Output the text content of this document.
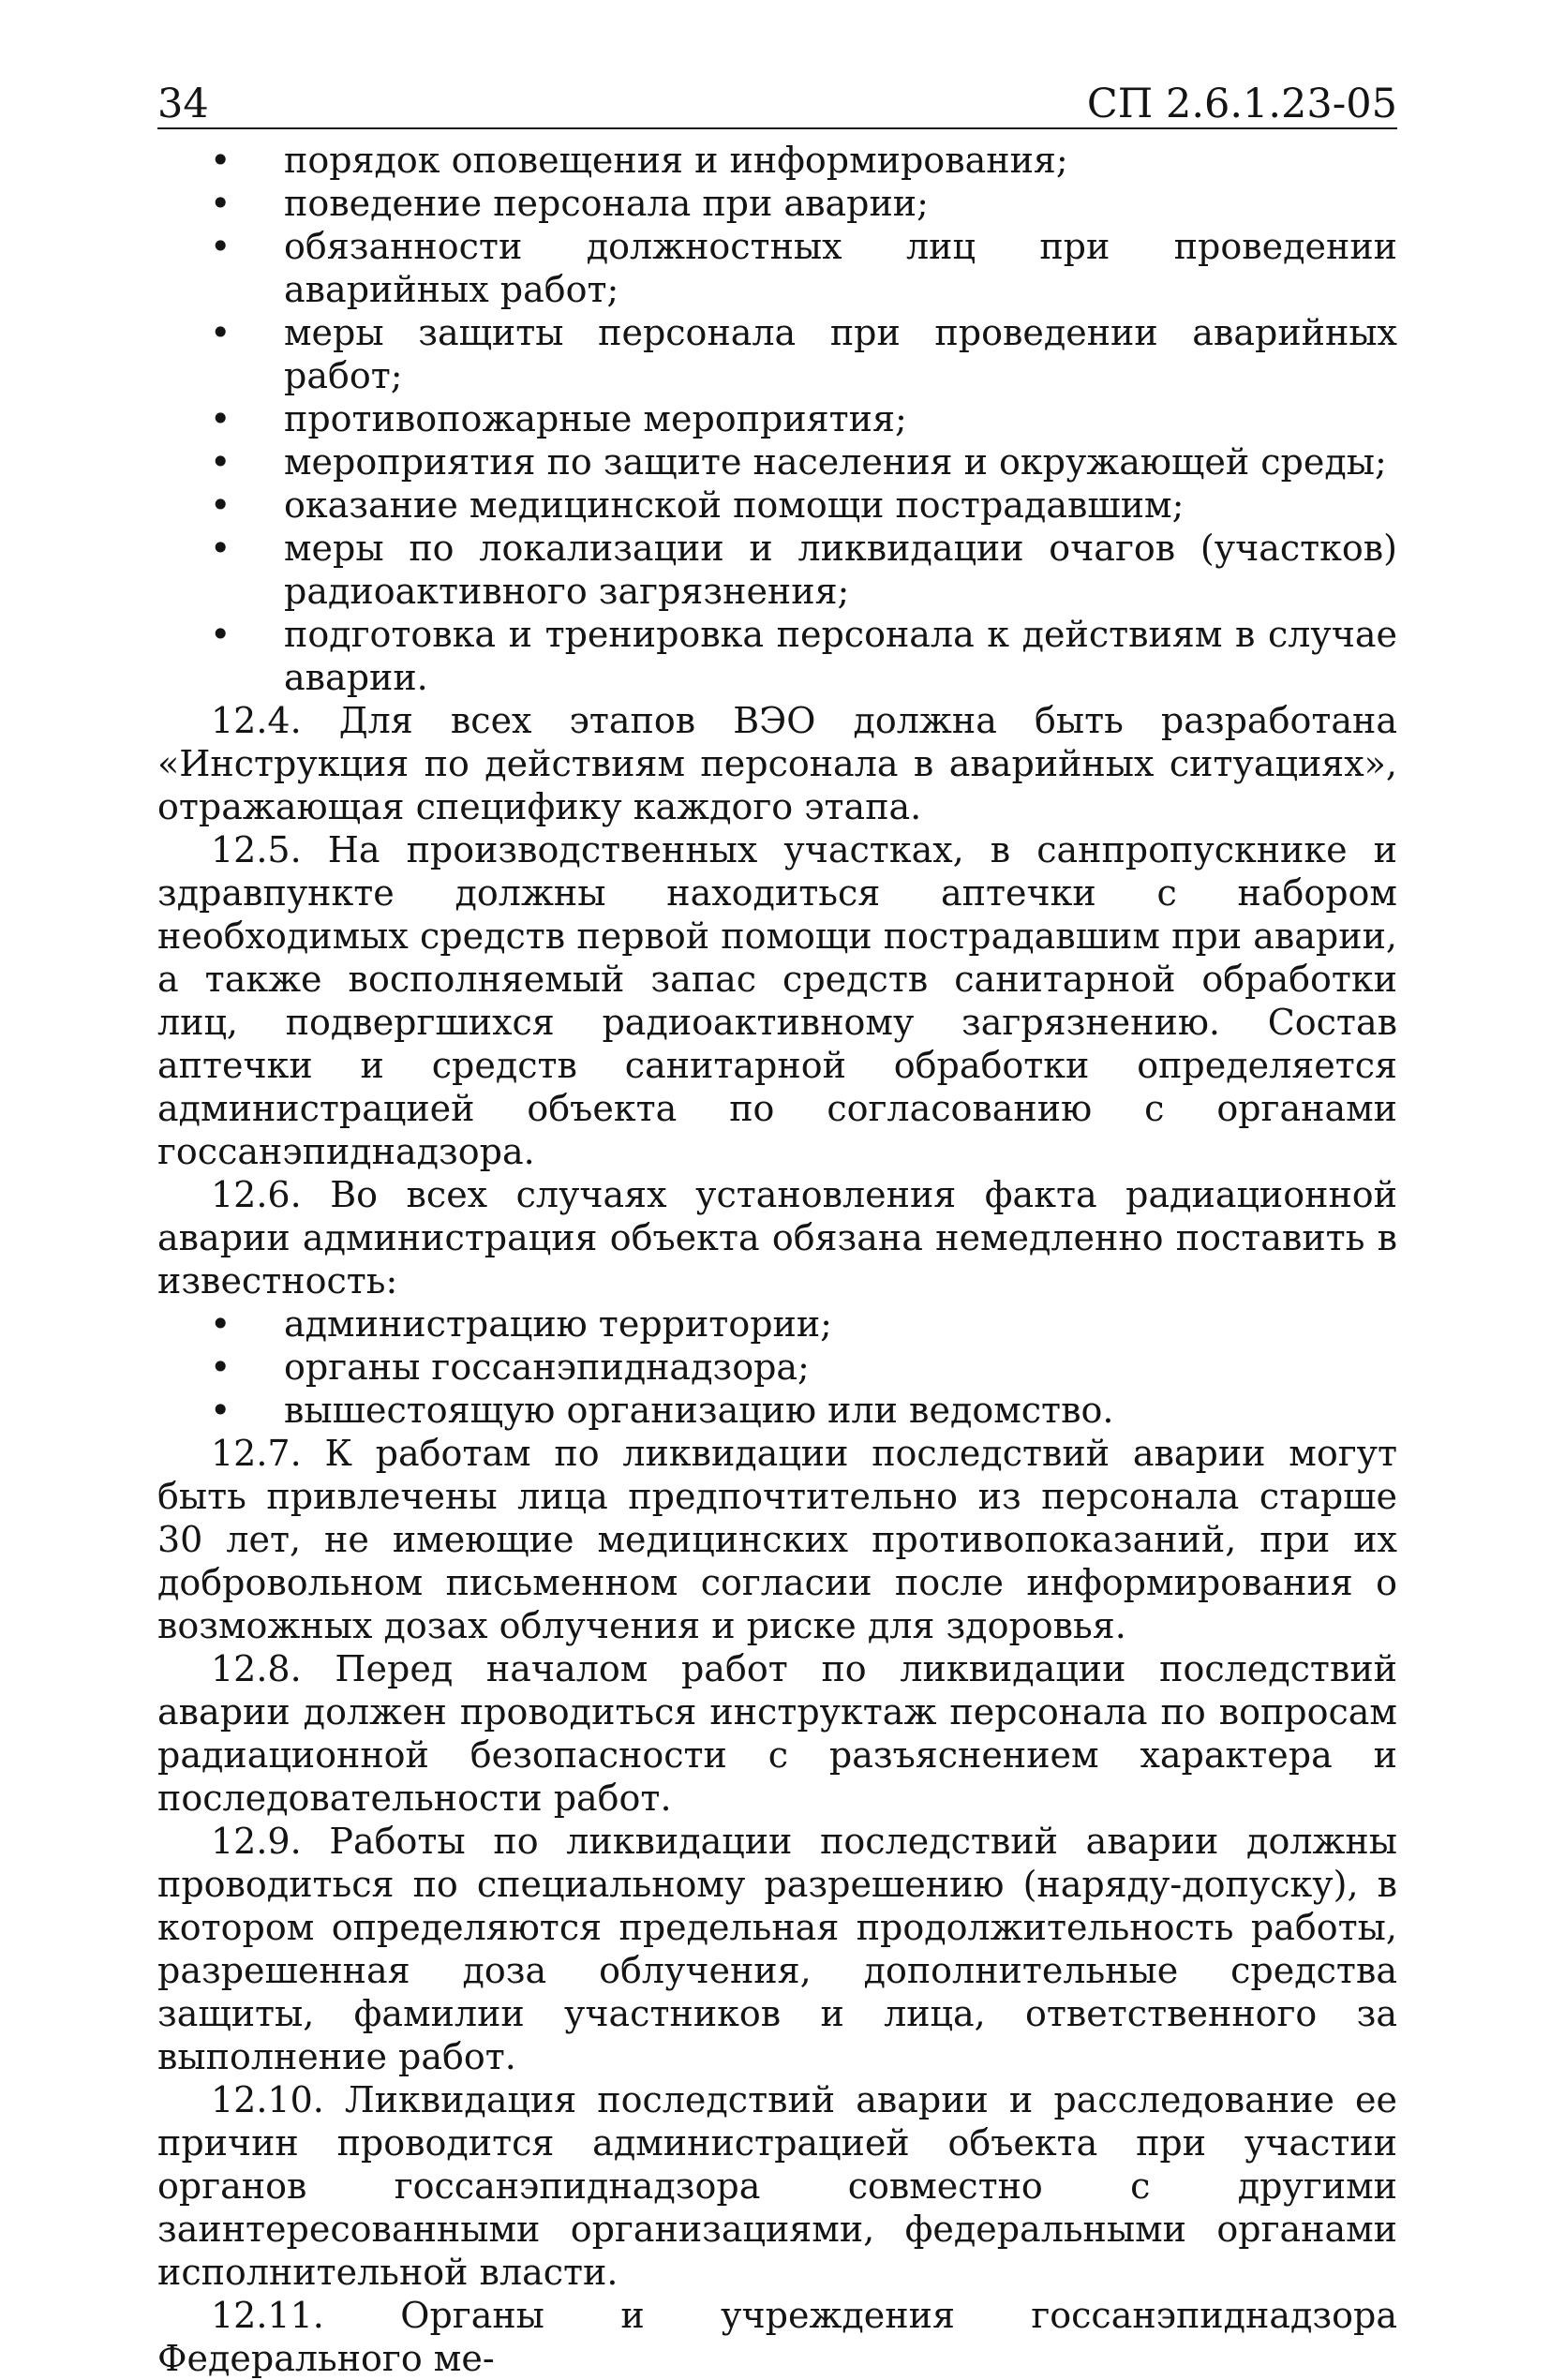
34	СП 2.6.1.23-05
• порядок оповещения и информирования;
• поведение персонала при аварии;
• обязанности должностных лиц при проведении аварийных работ;
• меры защиты персонала при проведении аварийных работ;
• противопожарные мероприятия;
• мероприятия по защите населения и окружающей среды;
• оказание медицинской помощи пострадавшим;
• меры по локализации и ликвидации очагов (участков) радиоактивного загрязнения;
• подготовка и тренировка персонала к действиям в случае аварии.

12.4. Для всех этапов ВЭО должна быть разработана «Инструкция по действиям персонала в аварийных ситуациях», отражающая специфику каждого этапа.

12.5. На производственных участках, в санпропускнике и здравпункте должны находиться аптечки с набором необходимых средств первой помощи пострадавшим при аварии, а также восполняемый запас средств санитарной обработки лиц, подвергшихся радиоактивному загрязнению. Состав аптечки и средств санитарной обработки определяется администрацией объекта по согласованию с органами госсанэпиднадзора.

12.6. Во всех случаях установления факта радиационной аварии администрация объекта обязана немедленно поставить в известность:

• администрацию территории;
• органы госсанэпиднадзора;
• вышестоящую организацию или ведомство.

12.7. К работам по ликвидации последствий аварии могут быть привлечены лица предпочтительно из персонала старше 30 лет, не имеющие медицинских противопоказаний, при их добровольном письменном согласии после информирования о возможных дозах облучения и риске для здоровья.

12.8. Перед началом работ по ликвидации последствий аварии должен проводиться инструктаж персонала по вопросам радиационной безопасности с разъяснением характера и последовательности работ.

12.9. Работы по ликвидации последствий аварии должны проводиться по специальному разрешению (наряду-допуску), в котором определяются предельная продолжительность работы, разрешенная доза облучения, дополнительные средства защиты, фамилии участников и лица, ответственного за выполнение работ.

12.10. Ликвидация последствий аварии и расследование ее причин проводится администрацией объекта при участии органов госсанэпиднадзора совместно с другими заинтересованными организациями, федеральными органами исполнительной власти.

12.11. Органы и учреждения госсанэпиднадзора Федерального ме-
